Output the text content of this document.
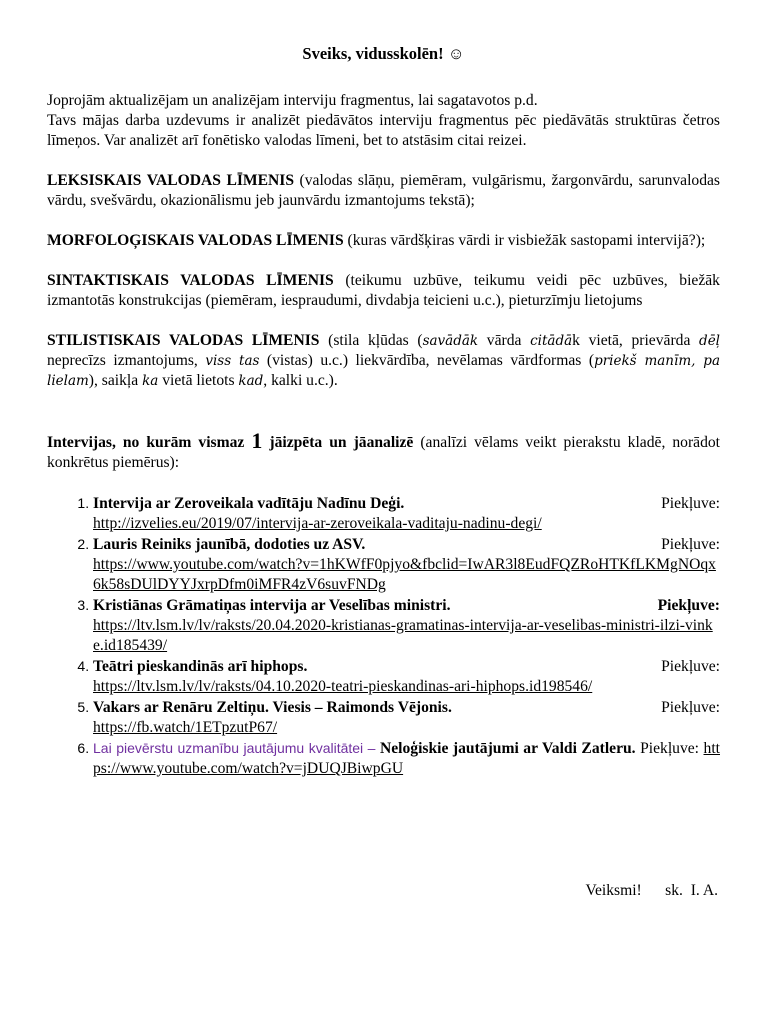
Sveiks, vidusskolēn! ☺

Joprojām aktualizējam un analizējam interviju fragmentus, lai sagatavotos p.d.

Tavs mājas darba uzdevums ir analizēt piedāvātos interviju fragmentus pēc piedāvātās struktūras četros līmeņos. Var analizēt arī fonētisko valodas līmeni, bet to atstāsim citai reizei.

LEKSISKAIS VALODAS LĪMENIS (valodas slāņu, piemēram, vulgārismu, žargonvārdu, sarunvalodas vārdu, svešvārdu, okazionālismu jeb jaunvārdu izmantojums tekstā);

MORFOLOĢISKAIS VALODAS LĪMENIS (kuras vārdšķiras vārdi ir visbiežāk sastopami intervijā?);

SINTAKTISKAIS VALODAS LĪMENIS (teikumu uzbūve, teikumu veidi pēc uzbūves, biežāk izmantotās konstrukcijas (piemēram, iespraudumi, divdabja teicieni u.c.), pieturzīmju lietojums

STILISTISKAIS VALODAS LĪMENIS (stila kļūdas (savādāk vārda citādāk vietā, prievārda dēļ neprecīzs izmantojums, viss tas (vistas) u.c.) liekvārdība, nevēlamas vārdformas (priekš manīm, pa lielam), saikļa ka vietā lietots kad, kalki u.c.).

Intervijas, no kurām vismaz 1 jāizpēta un jāanalizē (analīzi vēlams veikt pierakstu kladē, norādot konkrētus piemērus):

1. Intervija ar Zeroveikala vadītāju Nadīnu Deģi.	Piekļuve:
http://izvelies.eu/2019/07/intervija-ar-zeroveikala-vaditaju-nadinu-degi/
2. Lauris Reiniks jaunībā, dodoties uz ASV.	Piekļuve:
https://www.youtube.com/watch?v=1hKWfF0pjyo&fbclid=IwAR3l8EudFQZRoHTKfLKMgNOqx6k58sDUlDYYJxrpDfm0iMFR4zV6suvFNDg
3. Kristiānas Grāmatiņas intervija ar Veselības ministri.	Piekļuve:
https://ltv.lsm.lv/lv/raksts/20.04.2020-kristianas-gramatinas-intervija-ar-veselibas-ministri-ilzi-vinke.id185439/
4. Teātri pieskandinās arī hiphops.	Piekļuve:
https://ltv.lsm.lv/lv/raksts/04.10.2020-teatri-pieskandinas-ari-hiphops.id198546/
5. Vakars ar Renāru Zeltiņu. Viesis – Raimonds Vējonis.	Piekļuve:
https://fb.watch/1ETpzutP67/
6. Lai pievērstu uzmanību jautājumu kvalitātei – Neloģiskie jautājumi ar Valdi Zatleru. Piekļuve: https://www.youtube.com/watch?v=jDUQJBiwpGU
Veiksmi! sk.  I. A.
